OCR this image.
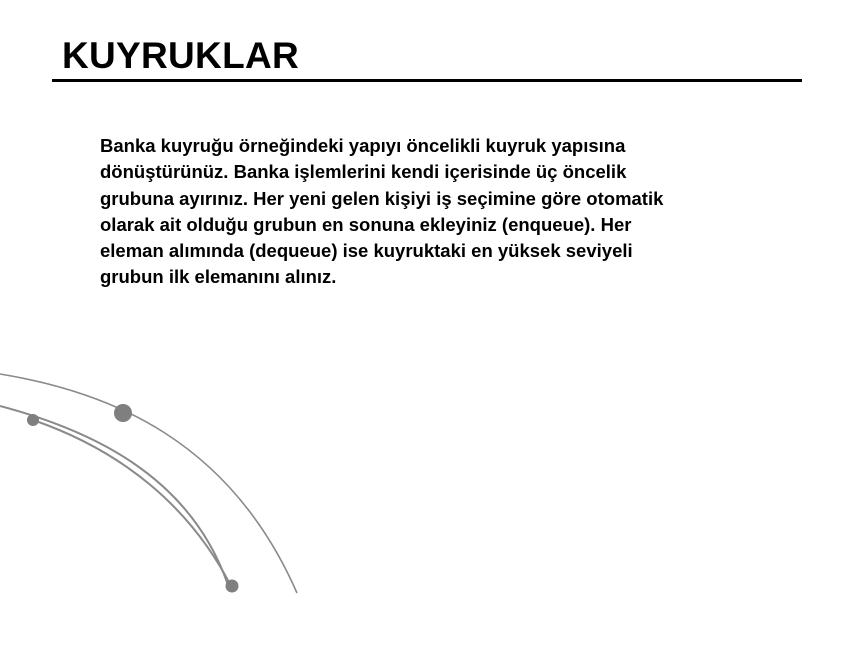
KUYRUKLAR
Banka kuyruğu örneğindeki yapıyı öncelikli kuyruk yapısına
dönüştürünüz. Banka işlemlerini kendi içerisinde üç öncelik
grubuna ayırınız. Her yeni gelen kişiyi iş seçimine göre otomatik
olarak ait olduğu grubun en sonuna ekleyiniz (enqueue). Her
eleman alımında (dequeue) ise kuyruktaki en yüksek seviyeli
grubun ilk elemanını alınız.
